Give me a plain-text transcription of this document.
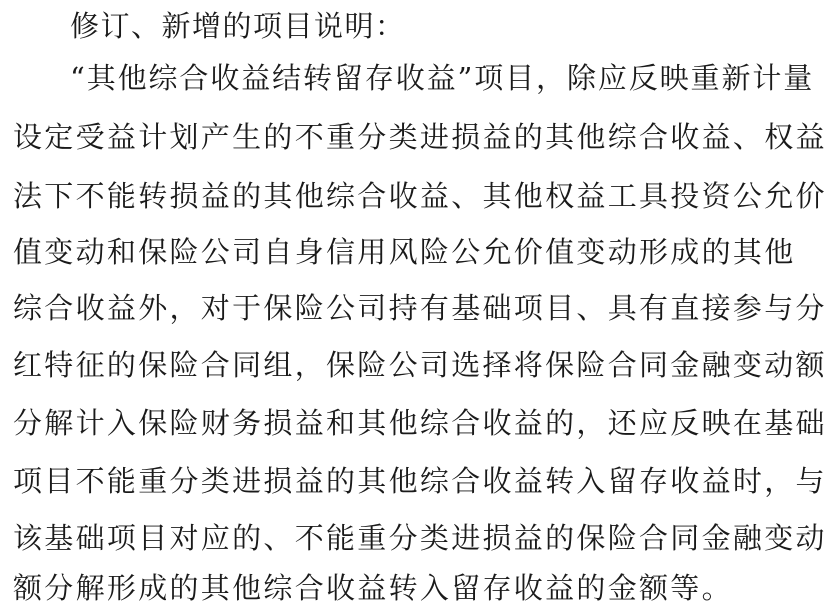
修订、新增的项目说明：
“其他综合收益结转留存收益”项目，除应反映重新计量
设定受益计划产生的不重分类进损益的其他综合收益、权益
法下不能转损益的其他综合收益、其他权益工具投资公允价
值变动和保险公司自身信用风险公允价值变动形成的其他
综合收益外，对于保险公司持有基础项目、具有直接参与分
红特征的保险合同组，保险公司选择将保险合同金融变动额
分解计入保险财务损益和其他综合收益的，还应反映在基础
项目不能重分类进损益的其他综合收益转入留存收益时，与
该基础项目对应的、不能重分类进损益的保险合同金融变动
额分解形成的其他综合收益转入留存收益的金额等。
